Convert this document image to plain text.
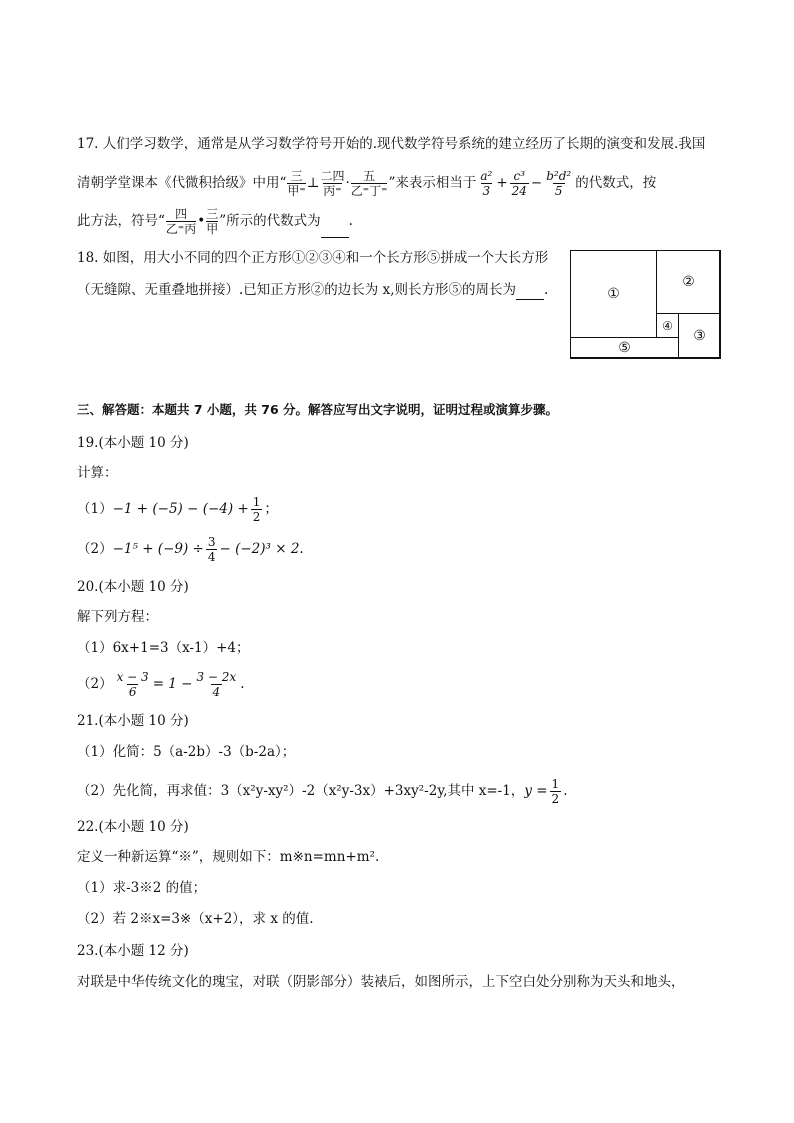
17. 人们学习数学，通常是从学习数学符号开始的.现代数学符号系统的建立经历了长期的演变和发展.我国
清朝学堂课本《代微积拾级》中用“ 三
甲⁼ ⊥ 二四
丙⁼ · 五
乙⁼丁⁼ ”来表示相当于 $\frac{\text{a²}}{3} + \frac{\text{c³}}{24} - \frac{\text{b²d²}}{5}$ 的代数式，按
此方法，符号“ 四
乙⁼丙 • 三
甲 ”所示的代数式为 .
18. 如图，用大小不同的四个正方形①②③④和一个长方形⑤拼成一个大长方形
（无缝隙、无重叠地拼接）.已知正方形②的边长为 x,则长方形⑤的周长为 .	①
②
④
③
⑤
三、解答题：本题共 7 小题，共 76 分。解答应写出文字说明，证明过程或演算步骤。
19.(本小题 10 分)
计算：
$(1)-1 + (-5) - (-4) + \frac{1}{2}$ ；
$(2)-1^5 + (-9) \div \frac{3}{4} - (-2)^3 \times 2$.
20.(本小题 10 分)
解下列方程：
（1）6x+1=3（x-1）+4；
$(2) \frac{x - 3}{6} = 1 - \frac{3 - 2x}{4}$ .
21.(本小题 10 分)
（1）化简：5（a-2b）-3（b-2a）；
（2）先化简，再求值：3（x²y-xy²）-2（x²y-3x）+3xy²-2y,其中 x=-1，$y = \frac{1}{2}$ .
22.(本小题 10 分)
定义一种新运算“※”，规则如下：m※n=mn+m².
（1）求-3※2 的值；
（2）若 2※x=3※（x+2），求 x 的值.
23.(本小题 12 分)
对联是中华传统文化的瑰宝，对联（阴影部分）装裱后，如图所示，上下空白处分别称为天头和地头，
